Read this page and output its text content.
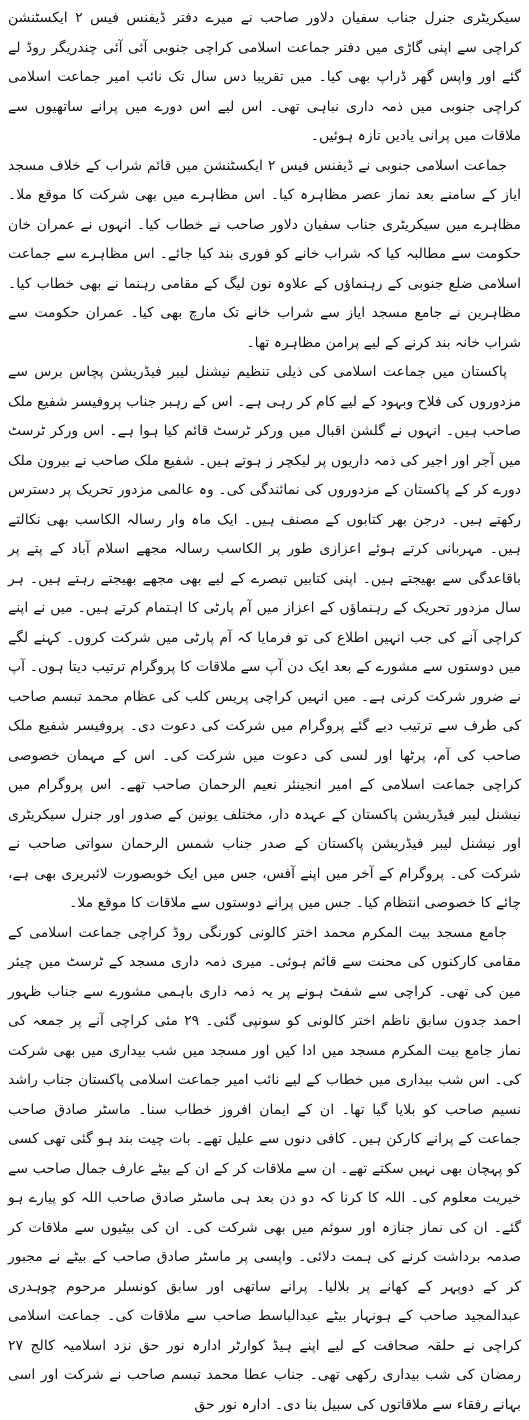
سیکریٹری جنرل جناب سفیان دلاور صاحب نے میرے دفتر ڈیفنس فیس ۲ ایکسٹنشن کراچی سے اپنی گاڑی میں دفتر جماعت اسلامی کراچی جنوبی آئی آئی چندریگر روڈ لے گئے اور واپس گھر ڈراپ بھی کیا۔ میں تقریبا دس سال تک نائب امیر جماعت اسلامی کراچی جنوبی میں ذمہ داری نباہی تھی۔ اس لیے اس دورے میں پرانے ساتھیوں سے ملاقات میں پرانی یادیں تازہ ہوئیں۔

جماعت اسلامی جنوبی نے ڈیفنس فیس ۲ ایکسٹنشن میں قائم شراب کے خلاف مسجد ایاز کے سامنے بعد نماز عصر مظاہرہ کیا۔ اس مظاہرے میں بھی شرکت کا موقع ملا۔ مظاہرے میں سیکریٹری جناب سفیان دلاور صاحب نے خطاب کیا۔ انہوں نے عمران خان حکومت سے مطالبہ کیا کہ شراب خانے کو فوری بند کیا جائے۔ اس مظاہرے سے جماعت اسلامی ضلع جنوبی کے رہنماؤں کے علاوہ نون لیگ کے مقامی رہنما نے بھی خطاب کیا۔ مظاہرین نے جامع مسجد ایاز سے شراب خانے تک مارچ بھی کیا۔ عمران حکومت سے شراب خانہ بند کرنے کے لیے پرامن مظاہرہ تھا۔

پاکستان میں جماعت اسلامی کی ذیلی تنظیم نیشنل لیبر فیڈریشن پچاس برس سے مزدوروں کی فلاح وبہود کے لیے کام کر رہی ہے۔ اس کے رہبر جناب پروفیسر شفیع ملک صاحب ہیں۔ انہوں نے گلشن اقبال میں ورکر ٹرسٹ قائم کیا ہوا ہے۔ اس ورکر ٹرسٹ میں آجر اور اجیر کی ذمہ داریوں پر لیکچر ز ہوتے ہیں۔ شفیع ملک صاحب نے بیرون ملک دورے کر کے پاکستان کے مزدوروں کی نمائندگی کی۔ وہ عالمی مزدور تحریک پر دسترس رکھتے ہیں۔ درجن بھر کتابوں کے مصنف ہیں۔ ایک ماہ وار رسالہ الکاسب بھی نکالتے ہیں۔ مہربانی کرتے ہوئے اعزازی طور پر الکاسب رسالہ مجھے اسلام آباد کے پتے پر باقاعدگی سے بھیجتے ہیں۔ اپنی کتابیں تبصرے کے لیے بھی مجھے بھیجتے رہتے ہیں۔ ہر سال مزدور تحریک کے رہنماؤں کے اعزاز میں آم پارٹی کا اہتمام کرتے ہیں۔ میں نے اپنے کراچی آنے کی جب انہیں اطلاع کی تو فرمایا کہ آم پارٹی میں شرکت کروں۔ کہنے لگے میں دوستوں سے مشورے کے بعد ایک دن آپ سے ملاقات کا پروگرام ترتیب دیتا ہوں۔ آپ نے ضرور شرکت کرنی ہے۔ میں انہیں کراچی پریس کلب کی عظام محمد تبسم صاحب کی طرف سے ترتیب دیے گئے پروگرام میں شرکت کی دعوت دی۔ پروفیسر شفیع ملک صاحب کی آم، پرٹھا اور لسی کی دعوت میں شرکت کی۔ اس کے مہمان خصوصی کراچی جماعت اسلامی کے امیر انجینئر نعیم الرحمان صاحب تھے۔ اس پروگرام میں نیشنل لیبر فیڈریشن پاکستان کے عہدہ دار، مختلف یونین کے صدور اور جنرل سیکریٹری اور نیشنل لیبر فیڈریشن پاکستان کے صدر جناب شمس الرحمان سواتی صاحب نے شرکت کی۔ پروگرام کے آخر میں اپنے آفس، جس میں ایک خوبصورت لائبریری بھی ہے، چائے کا خصوصی انتظام کیا۔ جس میں پرانے دوستوں سے ملاقات کا موقع ملا۔

جامع مسجد بیت المکرم محمد اختر کالونی کورنگی روڈ کراچی جماعت اسلامی کے مقامی کارکنوں کی محنت سے قائم ہوئی۔ میری ذمہ داری مسجد کے ٹرسٹ میں چیئر مین کی تھی۔ کراچی سے شفٹ ہونے پر یہ ذمہ داری باہمی مشورے سے جناب ظہور احمد جدون سابق ناظم اختر کالونی کو سونپی گئی۔ ۲۹ مئی کراچی آنے پر جمعہ کی نماز جامع بیت المکرم مسجد میں ادا کیں اور مسجد میں شب بیداری میں بھی شرکت کی۔ اس شب بیداری میں خطاب کے لیے نائب امیر جماعت اسلامی پاکستان جناب راشد نسیم صاحب کو بلایا گیا تھا۔ ان کے ایمان افروز خطاب سنا۔ ماسٹر صادق صاحب جماعت کے پرانے کارکن ہیں۔ کافی دنوں سے علیل تھے۔ بات چیت بند ہو گئی تھی کسی کو پہچان بھی نہیں سکتے تھے۔ ان سے ملاقات کر کے ان کے بیٹے عارف جمال صاحب سے خیریت معلوم کی۔ اللہ کا کرنا کہ دو دن بعد ہی ماسٹر صادق صاحب اللہ کو پیارے ہو گئے۔ ان کی نماز جنازہ اور سوئم میں بھی شرکت کی۔ ان کی بیٹیوں سے ملاقات کر صدمہ برداشت کرنے کی ہمت دلائی۔ واپسی پر ماسٹر صادق صاحب کے بیٹے نے مجبور کر کے دوپہر کے کھانے پر بلالیا۔ پرانے ساتھی اور سابق کونسلر مرحوم چوہدری عبدالمجید صاحب کے ہونہار بیٹے عبدالباسط صاحب سے ملاقات کی۔ جماعت اسلامی کراچی نے حلقہ صحافت کے لیے اپنے ہیڈ کوارٹر ادارہ نور حق نزد اسلامیہ کالج ۲۷ رمضان کی شب بیداری رکھی تھی۔ جناب عطا محمد تبسم صاحب نے شرکت اور اسی بہانے رفقاء سے ملاقاتوں کی سبیل بنا دی۔ ادارہ نور حق
